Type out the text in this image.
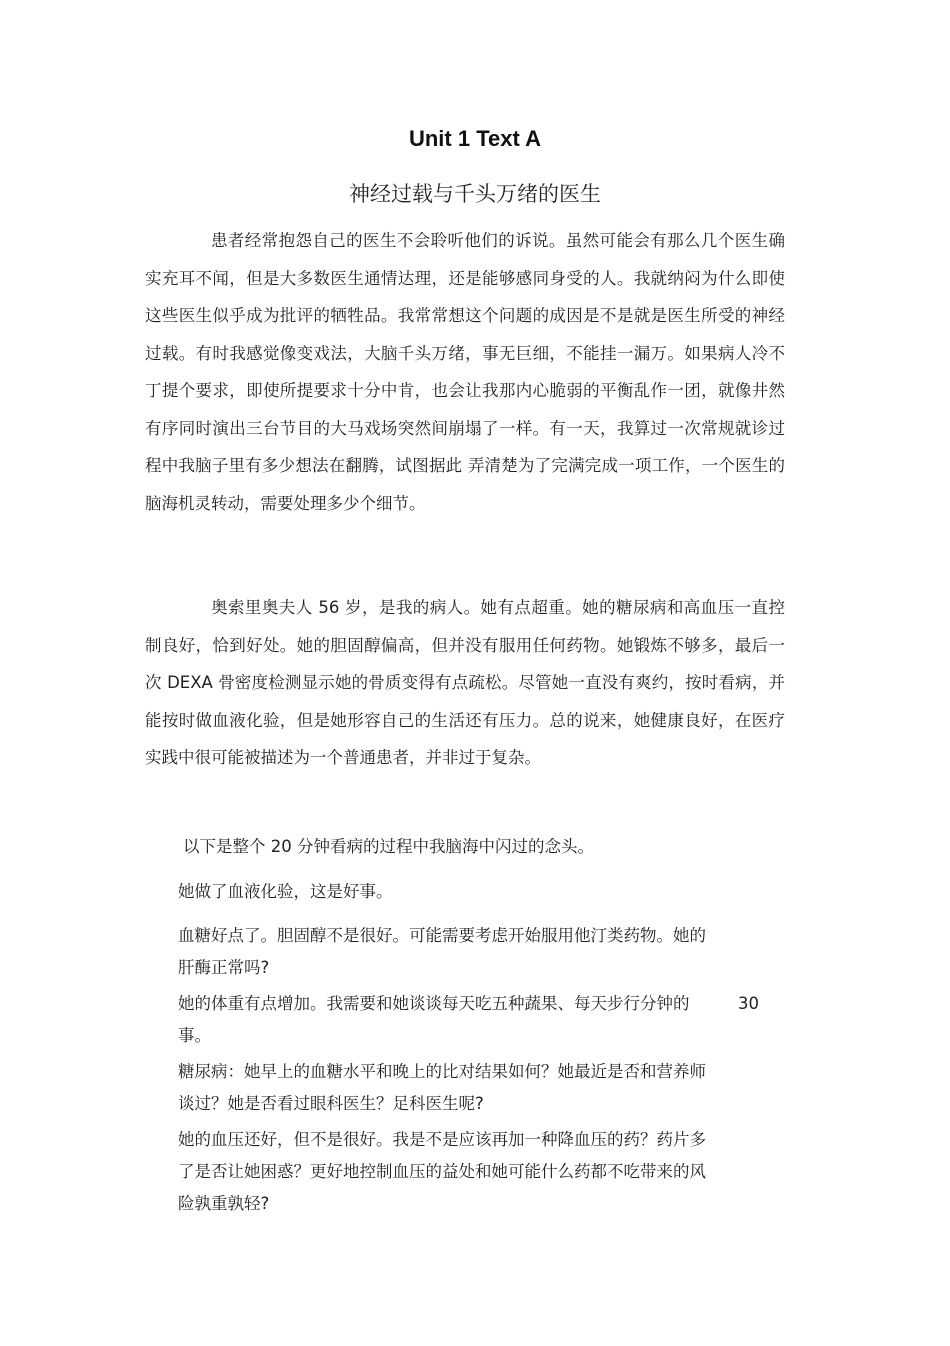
Unit 1 Text A
神经过载与千头万绪的医生

患者经常抱怨自己的医生不会聆听他们的诉说。虽然可能会有那么几个医生确实充耳不闻，但是大多数医生通情达理，还是能够感同身受的人。我就纳闷为什么即使这些医生似乎成为批评的牺牲品。我常常想这个问题的成因是不是就是医生所受的神经过载。有时我感觉像变戏法，大脑千头万绪，事无巨细，不能挂一漏万。如果病人冷不丁提个要求，即使所提要求十分中肯，也会让我那内心脆弱的平衡乱作一团，就像井然有序同时演出三台节目的大马戏场突然间崩塌了一样。有一天，我算过一次常规就诊过程中我脑子里有多少想法在翻腾，试图据此 弄清楚为了完满完成一项工作，一个医生的脑海机灵转动，需要处理多少个细节。

奥索里奥夫人 56 岁，是我的病人。她有点超重。她的糖尿病和高血压一直控制良好，恰到好处。她的胆固醇偏高，但并没有服用任何药物。她锻炼不够多，最后一次 DEXA 骨密度检测显示她的骨质变得有点疏松。尽管她一直没有爽约，按时看病，并能按时做血液化验，但是她形容自己的生活还有压力。总的说来，她健康良好，在医疗实践中很可能被描述为一个普通患者，并非过于复杂。

以下是整个 20 分钟看病的过程中我脑海中闪过的念头。

她做了血液化验，这是好事。

血糖好点了。胆固醇不是很好。可能需要考虑开始服用他汀类药物。她的肝酶正常吗?

她的体重有点增加。我需要和她谈谈每天吃五种蔬果、每天步行分钟的事。

30

糖尿病：她早上的血糖水平和晚上的比对结果如何？她最近是否和营养师谈过？她是否看过眼科医生？足科医生呢?

她的血压还好，但不是很好。我是不是应该再加一种降血压的药？药片多了是否让她困惑？更好地控制血压的益处和她可能什么药都不吃带来的风险孰重孰轻?
